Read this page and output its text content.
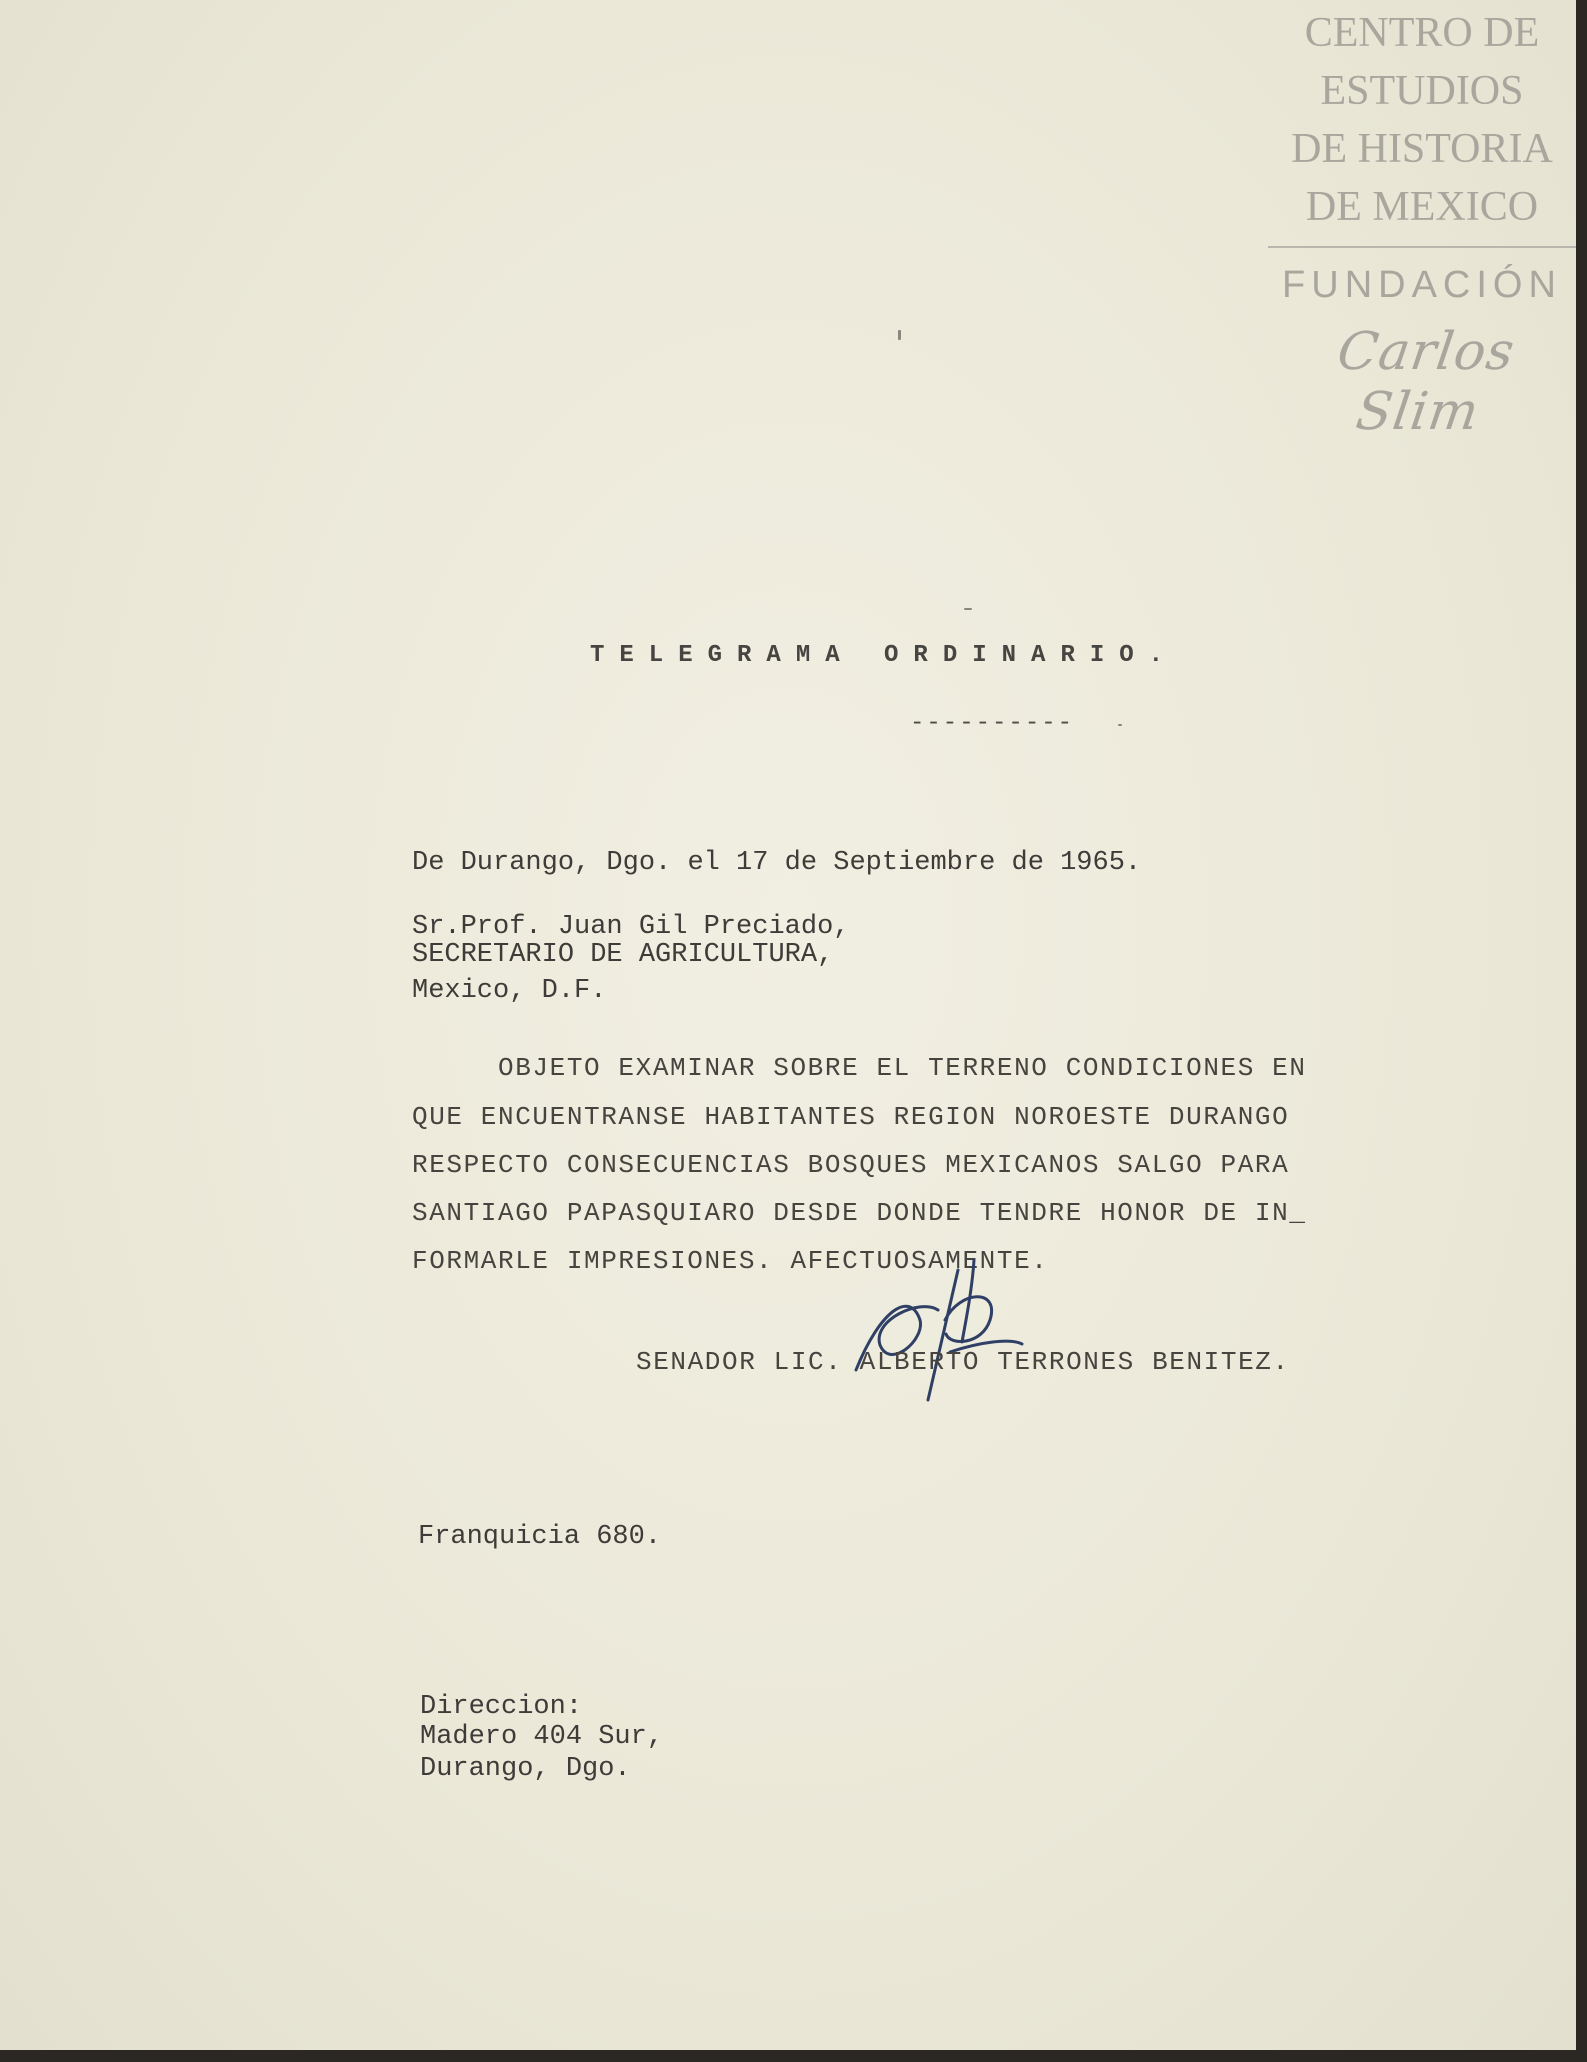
CENTRO DE
ESTUDIOS
DE HISTORIA
DE MEXICO
FUNDACIÓN
Carlos Slim

TELEGRAMA ORDINARIO.

----------

De Durango, Dgo. el 17 de Septiembre de 1965.

Sr.Prof. Juan Gil Preciado,

SECRETARIO DE AGRICULTURA,

Mexico, D.F.

OBJETO EXAMINAR SOBRE EL TERRENO CONDICIONES EN

QUE ENCUENTRANSE HABITANTES REGION NOROESTE DURANGO

RESPECTO CONSECUENCIAS BOSQUES MEXICANOS SALGO PARA

SANTIAGO PAPASQUIARO DESDE DONDE TENDRE HONOR DE IN_

FORMARLE IMPRESIONES. AFECTUOSAMENTE.

SENADOR LIC. ALBERTO TERRONES BENITEZ.

Franquicia 680.

Direccion:

Madero 404 Sur,

Durango, Dgo.
